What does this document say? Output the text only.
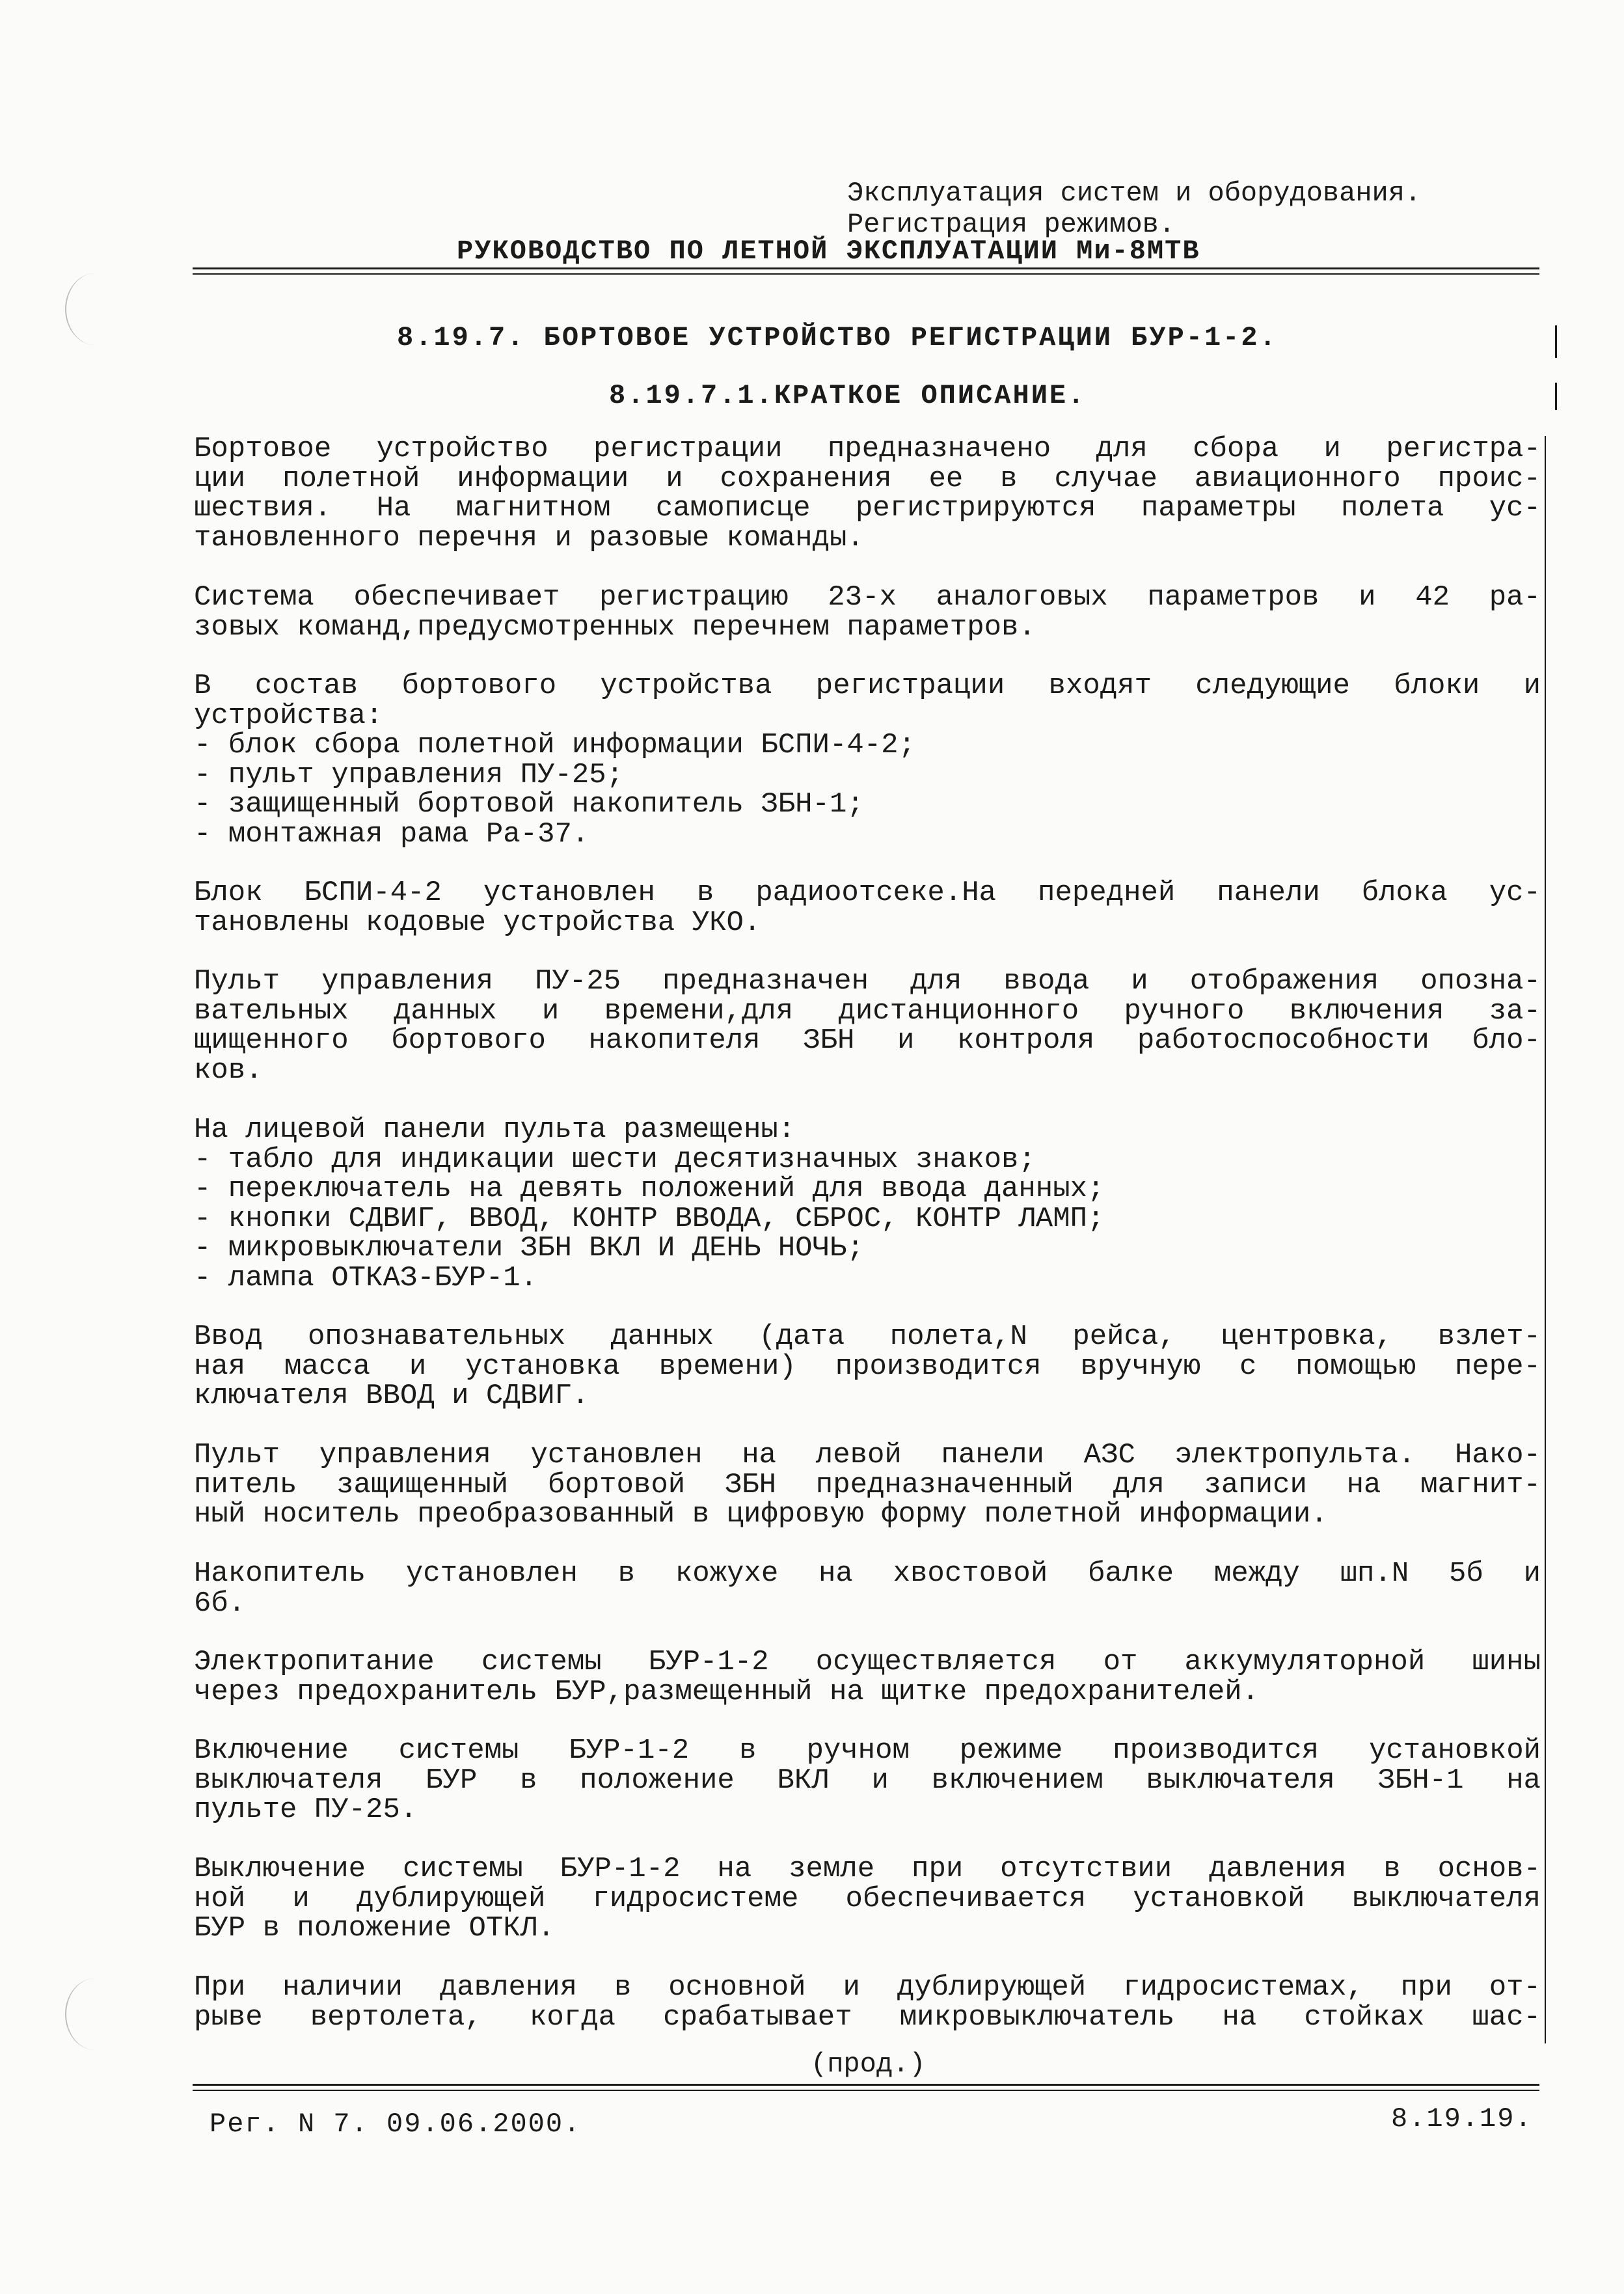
Эксплуатация систем и оборудования.
Регистрация режимов.
РУКОВОДСТВО ПО ЛЕТНОЙ ЭКСПЛУАТАЦИИ Ми-8МТВ
8.19.7. БОРТОВОЕ УСТРОЙСТВО РЕГИСТРАЦИИ БУР-1-2.
8.19.7.1.КРАТКОЕ ОПИСАНИЕ.
Бортовое устройство регистрации предназначено для сбора и регистра-
ции полетной информации и сохранения ее в случае авиационного проис-
шествия. На магнитном самописце регистрируются параметры полета ус-
тановленного перечня и разовые команды.
Система обеспечивает регистрацию 23-х аналоговых параметров и 42 ра-
зовых команд,предусмотренных перечнем параметров.
В состав бортового устройства регистрации входят следующие блоки и
устройства:
- блок сбора полетной информации БСПИ-4-2;
- пульт управления ПУ-25;
- защищенный бортовой накопитель ЗБН-1;
- монтажная рама Ра-37.
Блок БСПИ-4-2 установлен в радиоотсеке.На передней панели блока ус-
тановлены кодовые устройства УКО.
Пульт управления ПУ-25 предназначен для ввода и отображения опозна-
вательных данных и времени,для дистанционного ручного включения за-
щищенного бортового накопителя ЗБН и контроля работоспособности бло-
ков.
На лицевой панели пульта размещены:
- табло для индикации шести десятизначных знаков;
- переключатель на девять положений для ввода данных;
- кнопки СДВИГ, ВВОД, КОНТР ВВОДА, СБРОС, КОНТР ЛАМП;
- микровыключатели ЗБН ВКЛ И ДЕНЬ НОЧЬ;
- лампа ОТКАЗ-БУР-1.
Ввод опознавательных данных (дата полета,N рейса, центровка, взлет-
ная масса и установка времени) производится вручную с помощью пере-
ключателя ВВОД и СДВИГ.
Пульт управления установлен на левой панели АЗС электропульта. Нако-
питель защищенный бортовой ЗБН предназначенный для записи на магнит-
ный носитель преобразованный в цифровую форму полетной информации.
Накопитель установлен в кожухе на хвостовой балке между шп.N 5б и
6б.
Электропитание системы БУР-1-2 осуществляется от аккумуляторной шины
через предохранитель БУР,размещенный на щитке предохранителей.
Включение системы БУР-1-2 в ручном режиме производится установкой
выключателя БУР в положение ВКЛ и включением выключателя ЗБН-1 на
пульте ПУ-25.
Выключение системы БУР-1-2 на земле при отсутствии давления в основ-
ной и дублирующей гидросистеме обеспечивается установкой выключателя
БУР в положение ОТКЛ.
При наличии давления в основной и дублирующей гидросистемах, при от-
рыве вертолета, когда срабатывает микровыключатель на стойках шас-
(прод.)
Рег. N 7. 09.06.2000.	8.19.19.
